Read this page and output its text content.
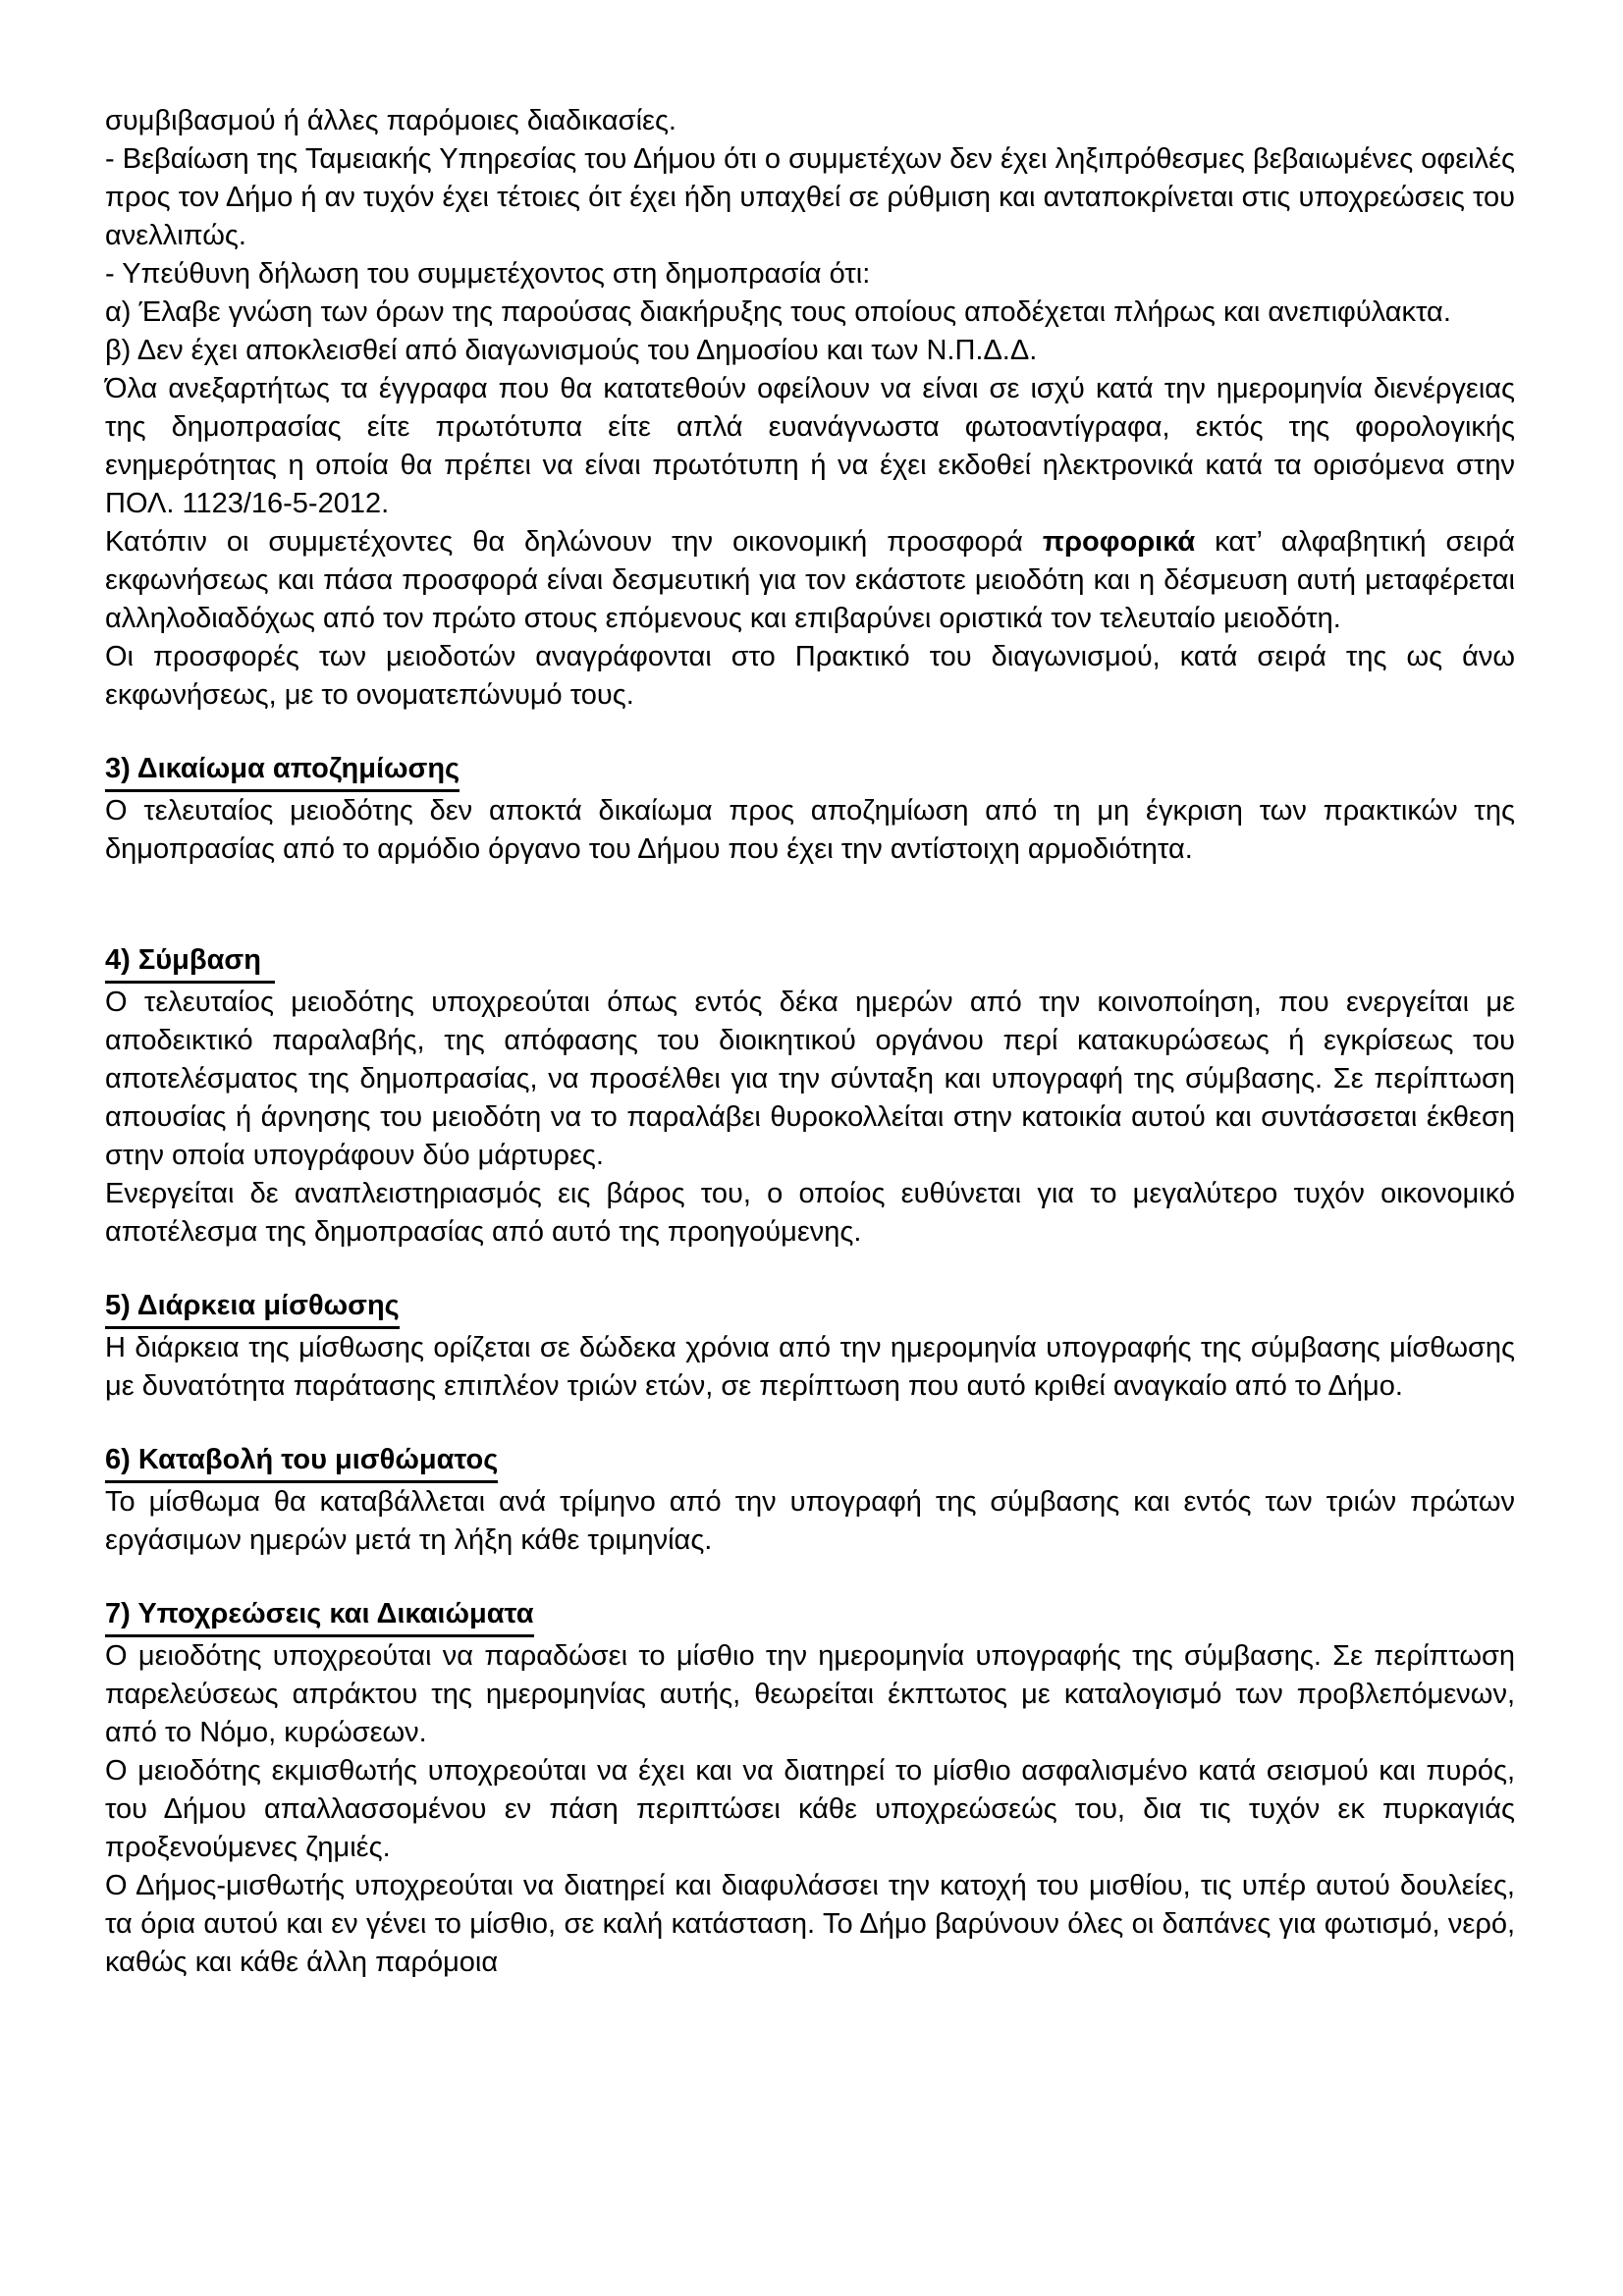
συμβιβασμού ή άλλες παρόμοιες διαδικασίες.

- Βεβαίωση της Ταμειακής Υπηρεσίας του Δήμου ότι ο συμμετέχων δεν έχει ληξιπρόθεσμες βεβαιωμένες οφειλές προς τον Δήμο ή αν τυχόν έχει τέτοιες όιτ έχει ήδη υπαχθεί σε ρύθμιση και ανταποκρίνεται στις υποχρεώσεις του ανελλιπώς.

- Υπεύθυνη δήλωση του συμμετέχοντος στη δημοπρασία ότι:

α) Έλαβε γνώση των όρων της παρούσας διακήρυξης τους οποίους αποδέχεται πλήρως και ανεπιφύλακτα.

β) Δεν έχει αποκλεισθεί από διαγωνισμούς του Δημοσίου και των Ν.Π.Δ.Δ.

Όλα ανεξαρτήτως τα έγγραφα που θα κατατεθούν οφείλουν να είναι σε ισχύ κατά την ημερομηνία διενέργειας της δημοπρασίας είτε πρωτότυπα είτε απλά ευανάγνωστα φωτοαντίγραφα, εκτός της φορολογικής ενημερότητας η οποία θα πρέπει να είναι πρωτότυπη ή να έχει εκδοθεί ηλεκτρονικά κατά τα ορισόμενα στην ΠΟΛ. 1123/16-5-2012.

Κατόπιν οι συμμετέχοντες θα δηλώνουν την οικονομική προσφορά προφορικά κατ’ αλφαβητική σειρά εκφωνήσεως και πάσα προσφορά είναι δεσμευτική για τον εκάστοτε μειοδότη και η δέσμευση αυτή μεταφέρεται αλληλοδιαδόχως από τον πρώτο στους επόμενους και επιβαρύνει οριστικά τον τελευταίο μειοδότη.

Οι προσφορές των μειοδοτών αναγράφονται στο Πρακτικό του διαγωνισμού, κατά σειρά της ως άνω εκφωνήσεως, με το ονοματεπώνυμό τους.

3) Δικαίωμα αποζημίωσης

Ο τελευταίος μειοδότης δεν αποκτά δικαίωμα προς αποζημίωση από τη μη έγκριση των πρακτικών της δημοπρασίας από το αρμόδιο όργανο του Δήμου που έχει την αντίστοιχη αρμοδιότητα.

4) Σύμβαση

Ο τελευταίος μειοδότης υποχρεούται όπως εντός δέκα ημερών από την κοινοποίηση, που ενεργείται με αποδεικτικό παραλαβής, της απόφασης του διοικητικού οργάνου περί κατακυρώσεως ή εγκρίσεως του αποτελέσματος της δημοπρασίας, να προσέλθει για την σύνταξη και υπογραφή της σύμβασης. Σε περίπτωση απουσίας ή άρνησης του μειοδότη να το παραλάβει θυροκολλείται στην κατοικία αυτού και συντάσσεται έκθεση στην οποία υπογράφουν δύο μάρτυρες.

Ενεργείται δε αναπλειστηριασμός εις βάρος του, ο οποίος ευθύνεται για το μεγαλύτερο τυχόν οικονομικό αποτέλεσμα της δημοπρασίας από αυτό της προηγούμενης.

5) Διάρκεια μίσθωσης

Η διάρκεια της μίσθωσης ορίζεται σε δώδεκα χρόνια από την ημερομηνία υπογραφής της σύμβασης μίσθωσης με δυνατότητα παράτασης επιπλέον τριών ετών, σε περίπτωση που αυτό κριθεί αναγκαίο από το Δήμο.

6) Καταβολή του μισθώματος

Το μίσθωμα θα καταβάλλεται ανά τρίμηνο από την υπογραφή της σύμβασης και εντός των τριών πρώτων εργάσιμων ημερών μετά τη λήξη κάθε τριμηνίας.

7) Υποχρεώσεις και Δικαιώματα

Ο μειοδότης υποχρεούται να παραδώσει το μίσθιο την ημερομηνία υπογραφής της σύμβασης. Σε περίπτωση παρελεύσεως απράκτου της ημερομηνίας αυτής, θεωρείται έκπτωτος με καταλογισμό των προβλεπόμενων, από το Νόμο, κυρώσεων.

Ο μειοδότης εκμισθωτής υποχρεούται να έχει και να διατηρεί το μίσθιο ασφαλισμένο κατά σεισμού και πυρός, του Δήμου απαλλασσομένου εν πάση περιπτώσει κάθε υποχρεώσεώς του, δια τις τυχόν εκ πυρκαγιάς προξενούμενες ζημιές.

Ο Δήμος-μισθωτής υποχρεούται να διατηρεί και διαφυλάσσει την κατοχή του μισθίου, τις υπέρ αυτού δουλείες, τα όρια αυτού και εν γένει το μίσθιο, σε καλή κατάσταση. Το Δήμο βαρύνουν όλες οι δαπάνες για φωτισμό, νερό, καθώς και κάθε άλλη παρόμοια
